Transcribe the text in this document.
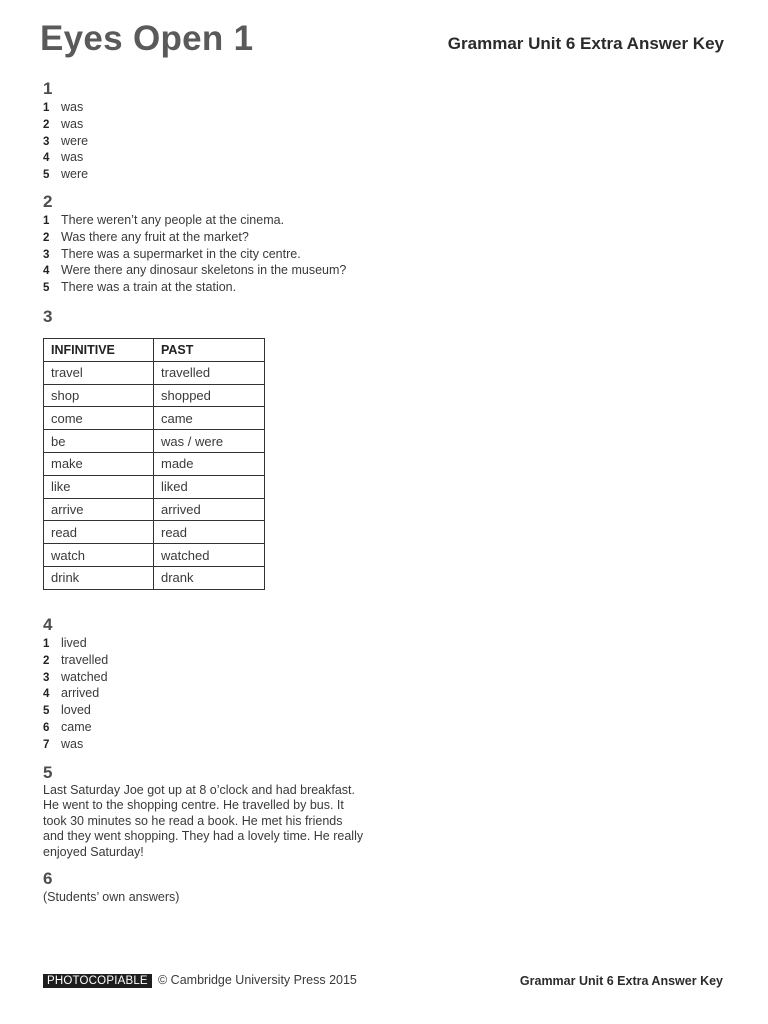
Eyes Open 1	Grammar Unit 6 Extra Answer Key
1
1 was
2 was
3 were
4 was
5 were
2
1 There weren’t any people at the cinema.
2 Was there any fruit at the market?
3 There was a supermarket in the city centre.
4 Were there any dinosaur skeletons in the museum?
5 There was a train at the station.
3
INFINITIVE	PAST
travel	travelled
shop	shopped
come	came
be	was / were
make	made
like	liked
arrive	arrived
read	read
watch	watched
drink	drank
4
1 lived
2 travelled
3 watched
4 arrived
5 loved
6 came
7 was
5

Last Saturday Joe got up at 8 o’clock and had breakfast.
He went to the shopping centre. He travelled by bus. It
took 30 minutes so he read a book. He met his friends
and they went shopping. They had a lovely time. He really
enjoyed Saturday!

6
(Students’ own answers)
PHOTOCOPIABLE © Cambridge University Press 2015	Grammar Unit 6 Extra Answer Key
